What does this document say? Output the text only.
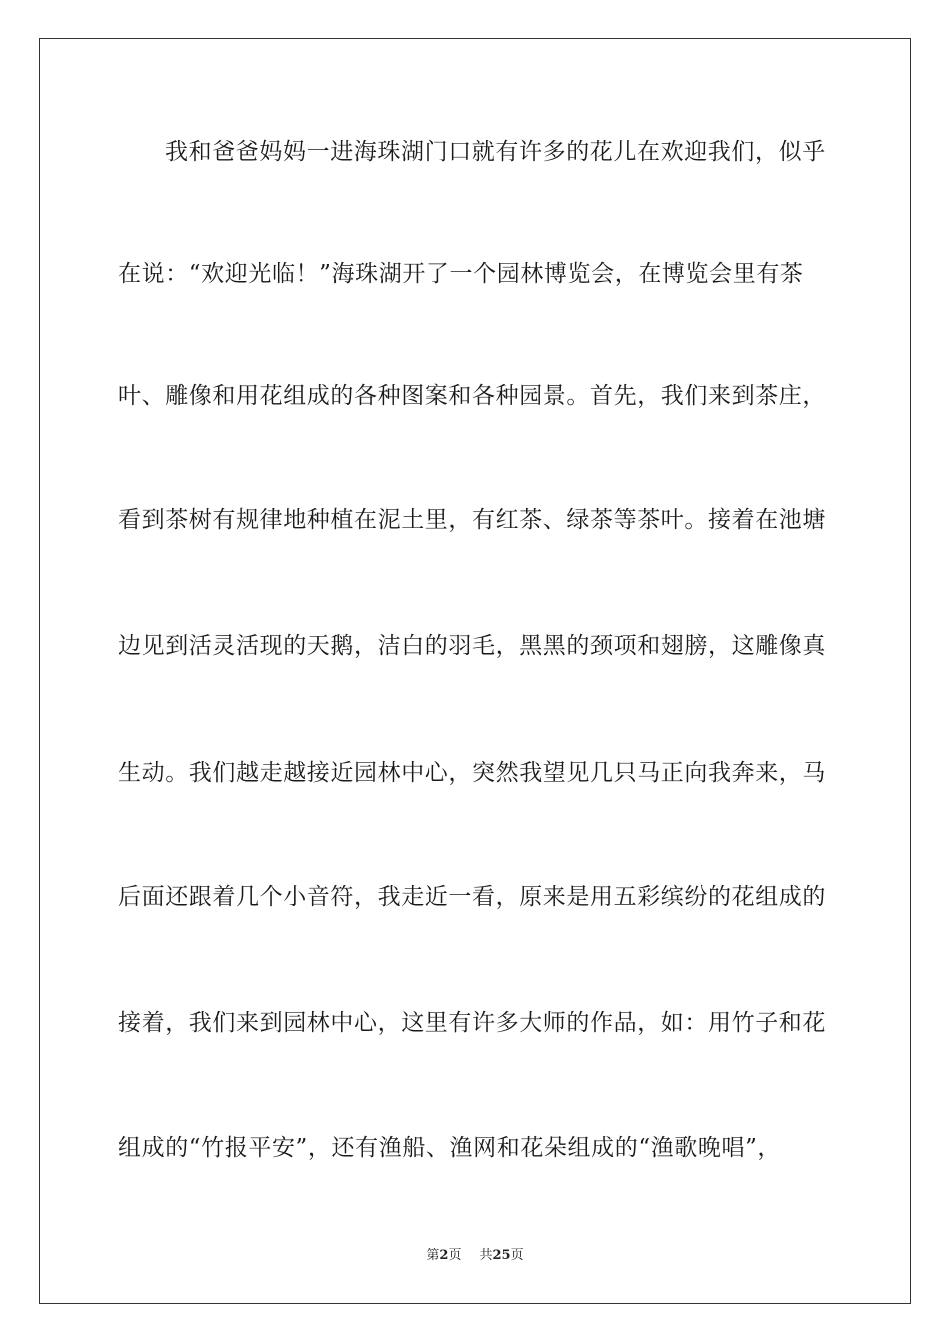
我和爸爸妈妈一进海珠湖门口就有许多的花儿在欢迎我们，似乎
在说：“欢迎光临！”海珠湖开了一个园林博览会，在博览会里有茶
叶、雕像和用花组成的各种图案和各种园景。首先，我们来到茶庄，
看到茶树有规律地种植在泥土里，有红茶、绿茶等茶叶。接着在池塘
边见到活灵活现的天鹅，洁白的羽毛，黑黑的颈项和翅膀，这雕像真
生动。我们越走越接近园林中心，突然我望见几只马正向我奔来，马
后面还跟着几个小音符，我走近一看，原来是用五彩缤纷的花组成的
接着，我们来到园林中心，这里有许多大师的作品，如：用竹子和花
组成的“竹报平安”，还有渔船、渔网和花朵组成的“渔歌晚唱”，
第2页 共25页
